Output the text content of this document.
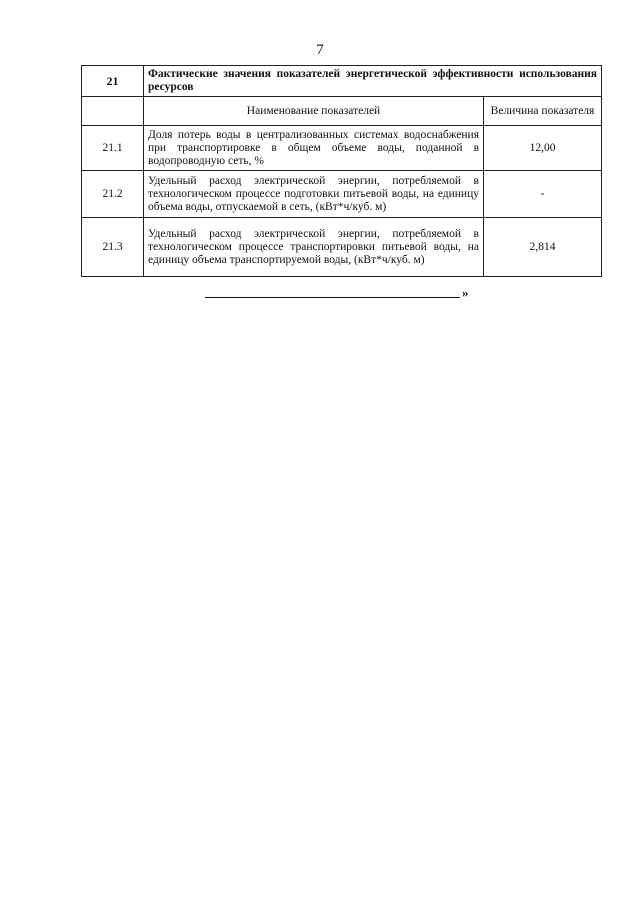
7
21	Фактические значения показателей энергетической эффективности использования ресурсов	
	Наименование показателей	Величина показателя
21.1	Доля потерь воды в централизованных системах водоснабжения при транспортировке в общем объеме воды, поданной в водопроводную сеть, %	12,00
21.2	Удельный расход электрической энергии, потребляемой в технологическом процессе подготовки питьевой воды, на единицу объема воды, отпускаемой в сеть, (кВт*ч/куб. м)	-
21.3	Удельный расход электрической энергии, потребляемой в технологическом процессе транспортировки питьевой воды, на единицу объема транспортируемой воды, (кВт*ч/куб. м)	2,814
»
